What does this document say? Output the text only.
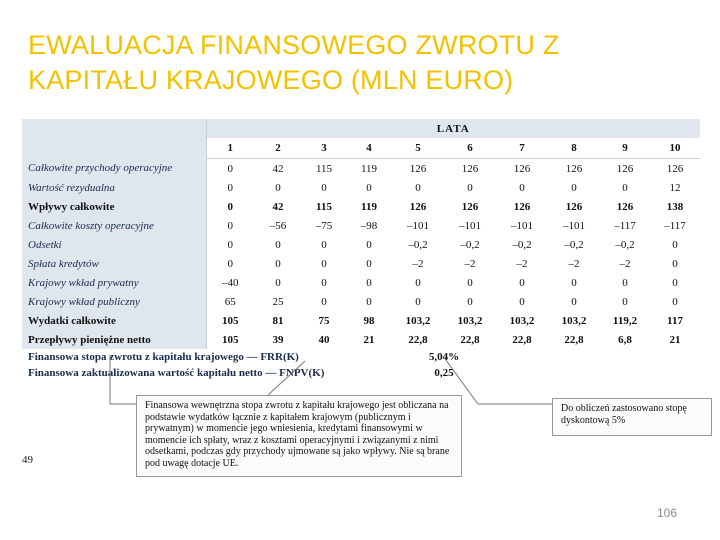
EWALUACJA FINANSOWEGO ZWROTU Z
KAPITAŁU KRAJOWEGO (MLN EURO)
	LATA									
	1	2	3	4	5	6	7	8	9	10
Całkowite przychody operacyjne	0	42	115	119	126	126	126	126	126	126
Wartość rezydualna	0	0	0	0	0	0	0	0	0	12
Wpływy całkowite	0	42	115	119	126	126	126	126	126	138
Całkowite koszty operacyjne	0	–56	–75	–98	–101	–101	–101	–101	–117	–117
Odsetki	0	0	0	0	–0,2	–0,2	–0,2	–0,2	–0,2	0
Spłata kredytów	0	0	0	0	–2	–2	–2	–2	–2	0
Krajowy wkład prywatny	–40	0	0	0	0	0	0	0	0	0
Krajowy wkład publiczny	65	25	0	0	0	0	0	0	0	0
Wydatki całkowite	105	81	75	98	103,2	103,2	103,2	103,2	119,2	117
Przepływy pieniężne netto	105	39	40	21	22,8	22,8	22,8	22,8	6,8	21
Finansowa stopa zwrotu z kapitału krajowego — FRR(K)					5,04%					
Finansowa zaktualizowana wartość kapitału netto — FNPV(K)					0,25					
Finansowa wewnętrzna stopa zwrotu z kapitału krajowego jest obliczana na podstawie wydatków łącznie z kapitałem krajowym (publicznym i prywatnym) w momencie jego wniesienia, kredytami finansowymi w momencie ich spłaty, wraz z kosztami operacyjnymi i związanymi z nimi odsetkami, podczas gdy przychody ujmowane są jako wpływy. Nie są brane pod uwagę dotacje UE.
Do obliczeń zastosowano stopę dyskontową 5%
49
106
